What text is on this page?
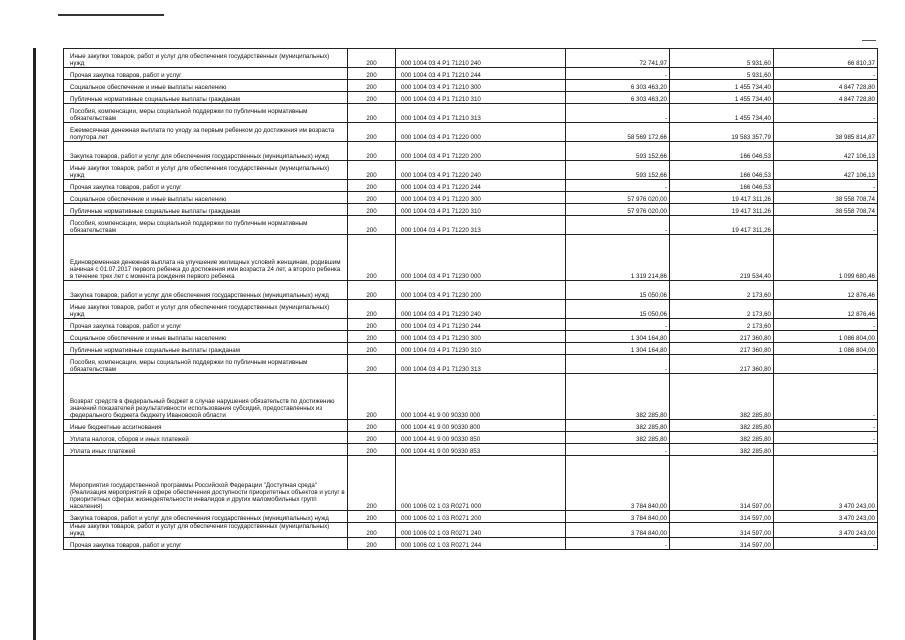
Иные закупки товаров, работ и услуг для обеспечения государственных (муниципальных) нужд	200	000 1004 03 4 P1 71210 240	72 741,97	5 931,60	66 810,37
Прочая закупка товаров, работ и услуг	200	000 1004 03 4 P1 71210 244	-	5 931,60	-
Социальное обеспечение и иные выплаты населению	200	000 1004 03 4 P1 71210 300	6 303 463,20	1 455 734,40	4 847 728,80
Публичные нормативные социальные выплаты гражданам	200	000 1004 03 4 P1 71210 310	6 303 463,20	1 455 734,40	4 847 728,80
Пособия, компенсации, меры социальной поддержки по публичным нормативным обязательствам	200	000 1004 03 4 P1 71210 313	-	1 455 734,40	-
Ежемесячная денежная выплата по уходу за первым ребенком до достижения им возраста полутора лет	200	000 1004 03 4 P1 71220 000	58 569 172,66	19 583 357,79	38 985 814,87
Закупка товаров, работ и услуг для обеспечения государственных (муниципальных) нужд	200	000 1004 03 4 P1 71220 200	593 152,66	166 046,53	427 106,13
Иные закупки товаров, работ и услуг для обеспечения государственных (муниципальных) нужд	200	000 1004 03 4 P1 71220 240	593 152,66	166 046,53	427 106,13
Прочая закупка товаров, работ и услуг	200	000 1004 03 4 P1 71220 244	-	166 046,53	-
Социальное обеспечение и иные выплаты населению	200	000 1004 03 4 P1 71220 300	57 976 020,00	19 417 311,26	38 558 708,74
Публичные нормативные социальные выплаты гражданам	200	000 1004 03 4 P1 71220 310	57 976 020,00	19 417 311,26	38 558 708,74
Пособия, компенсации, меры социальной поддержки по публичным нормативным обязательствам	200	000 1004 03 4 P1 71220 313	-	19 417 311,26	-
Единовременная денежная выплата на улучшение жилищных условий женщинам, родившим начиная с 01.07.2017 первого ребенка до достижения ими возраста 24 лет, а второго ребенка в течение трех лет с момента рождения первого ребенка	200	000 1004 03 4 P1 71230 000	1 319 214,86	219 534,40	1 099 680,46
Закупка товаров, работ и услуг для обеспечения государственных (муниципальных) нужд	200	000 1004 03 4 P1 71230 200	15 050,06	2 173,60	12 876,46
Иные закупки товаров, работ и услуг для обеспечения государственных (муниципальных) нужд	200	000 1004 03 4 P1 71230 240	15 050,06	2 173,60	12 876,46
Прочая закупка товаров, работ и услуг	200	000 1004 03 4 P1 71230 244	-	2 173,60	-
Социальное обеспечение и иные выплаты населению	200	000 1004 03 4 P1 71230 300	1 304 164,80	217 360,80	1 086 804,00
Публичные нормативные социальные выплаты гражданам	200	000 1004 03 4 P1 71230 310	1 304 164,80	217 360,80	1 086 804,00
Пособия, компенсации, меры социальной поддержки по публичным нормативным обязательствам	200	000 1004 03 4 P1 71230 313	-	217 360,80	-
Возврат средств в федеральный бюджет в случае нарушения обязательств по достижению значений показателей результативности использования субсидий, предоставленных из федерального бюджета бюджету Ивановской области	200	000 1004 41 9 00 90330 000	382 285,80	382 285,80	-
Иные бюджетные ассигнования	200	000 1004 41 9 00 90330 800	382 285,80	382 285,80	-
Уплата налогов, сборов и иных платежей	200	000 1004 41 9 00 90330 850	382 285,80	382 285,80	-
Уплата иных платежей	200	000 1004 41 9 00 90330 853	-	382 285,80	-
Мероприятия государственной программы Российской Федерации "Доступная среда" (Реализация мероприятий в сфере обеспечения доступности приоритетных объектов и услуг в приоритетных сферах жизнедеятельности инвалидов и других маломобильных групп населения)	200	000 1006 02 1 03 R0271 000	3 784 840,00	314 597,00	3 470 243,00
Закупка товаров, работ и услуг для обеспечения государственных (муниципальных) нужд	200	000 1006 02 1 03 R0271 200	3 784 840,00	314 597,00	3 470 243,00
Иные закупки товаров, работ и услуг для обеспечения государственных (муниципальных) нужд	200	000 1006 02 1 03 R0271 240	3 784 840,00	314 597,00	3 470 243,00
Прочая закупка товаров, работ и услуг	200	000 1006 02 1 03 R0271 244	-	314 597,00	-
